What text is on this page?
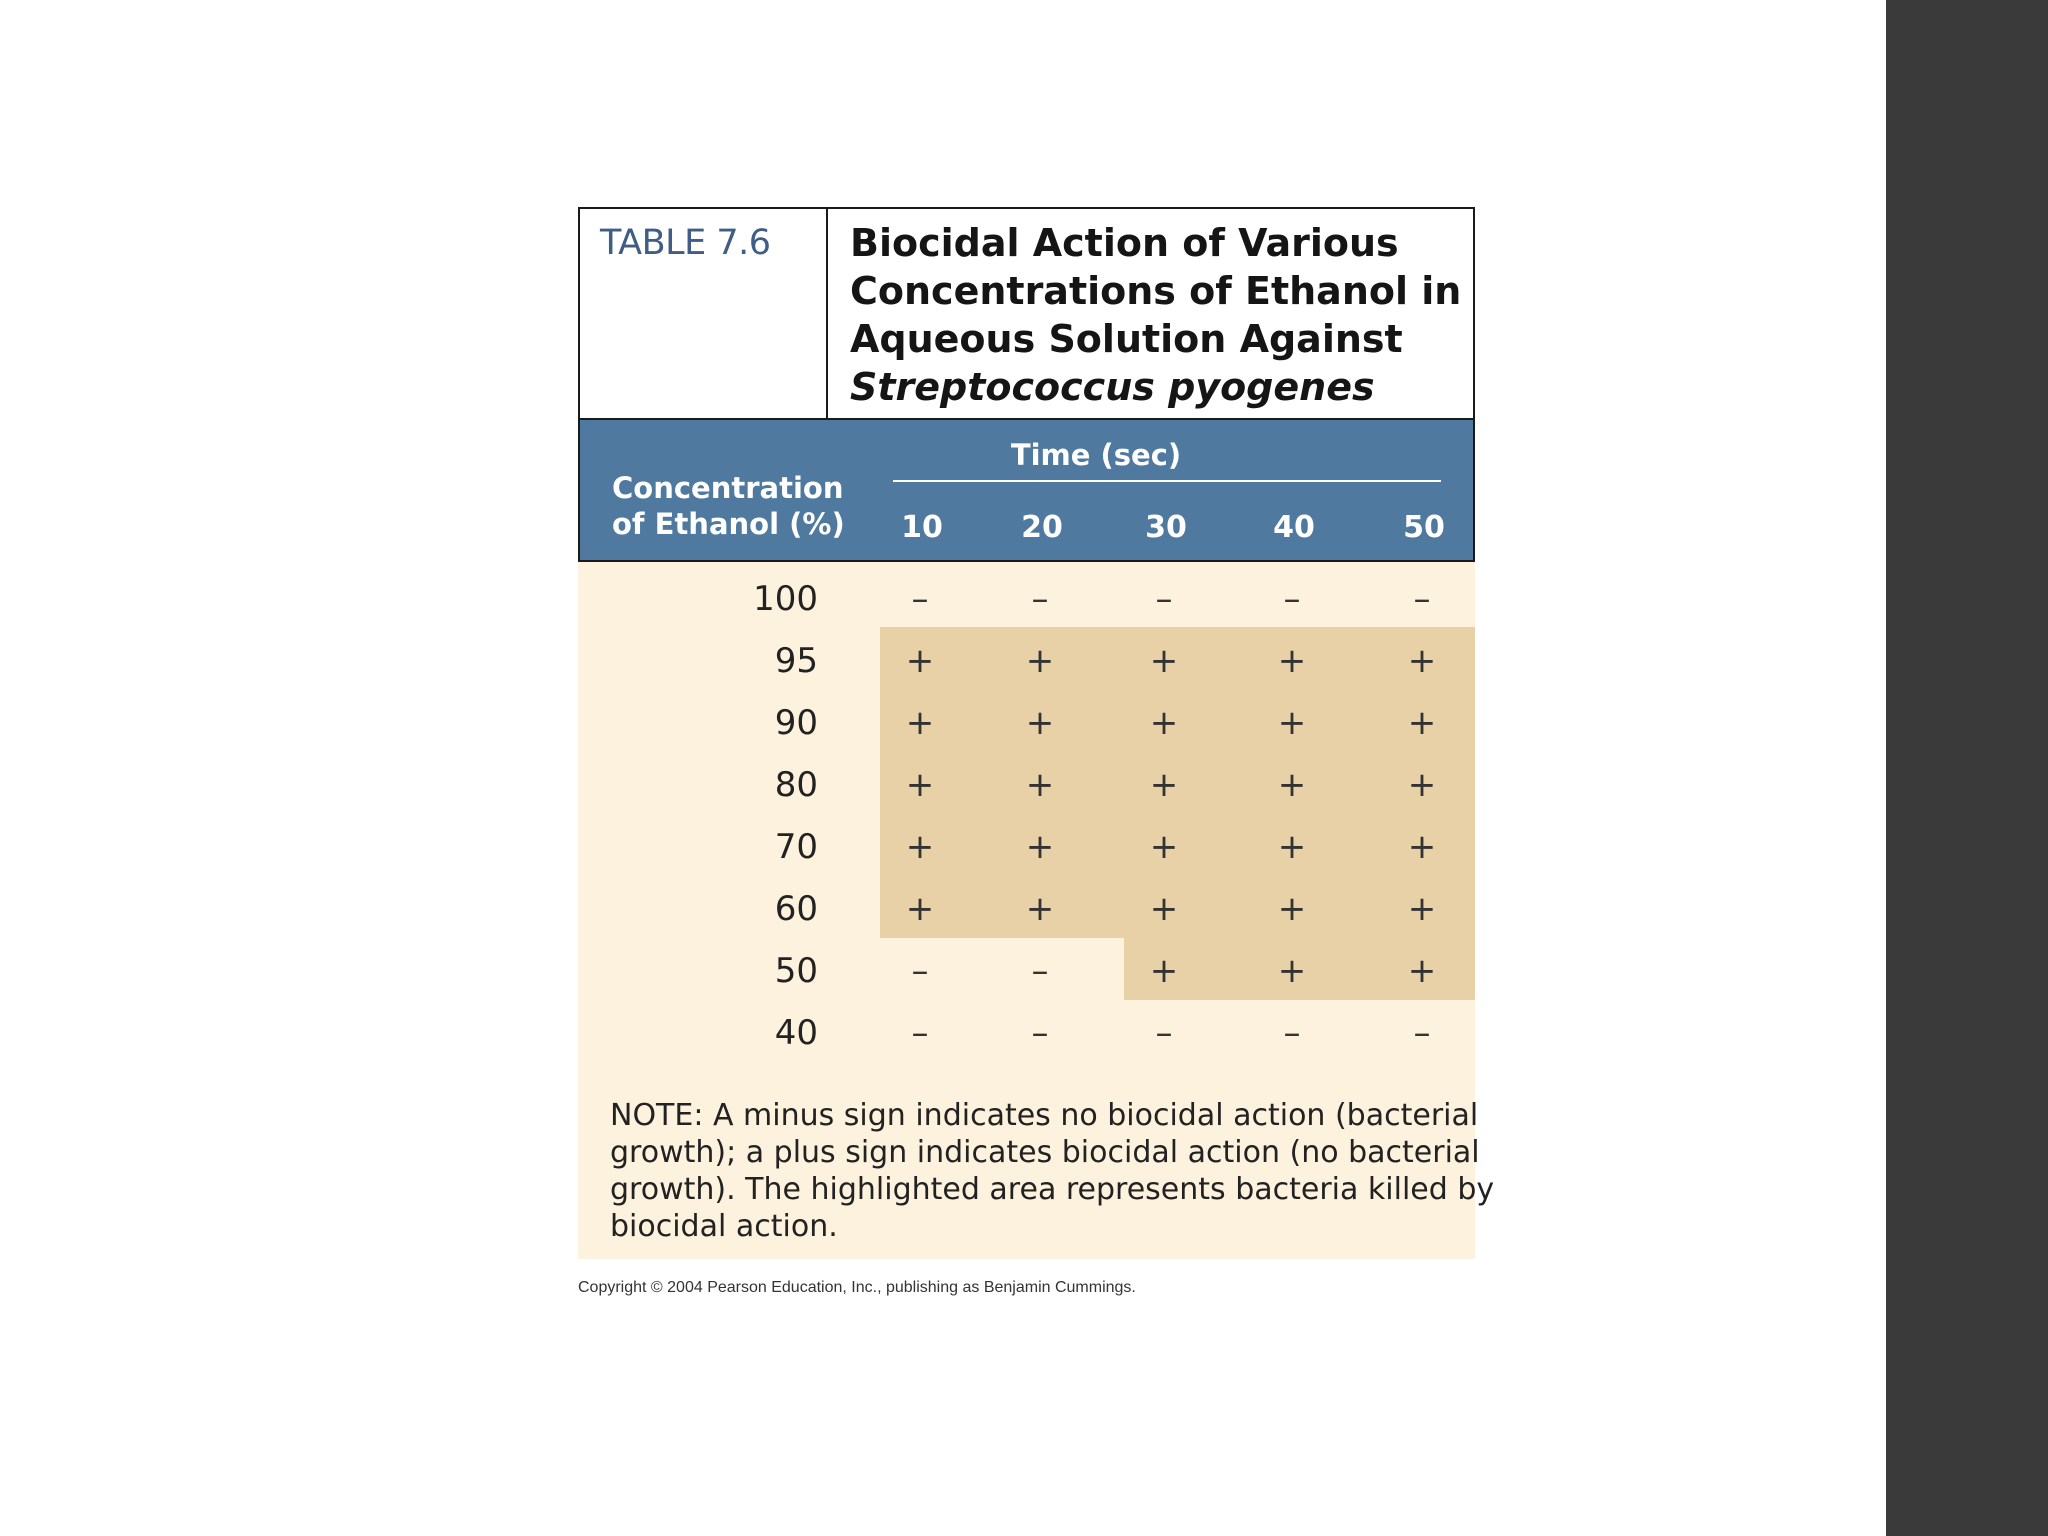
TABLE 7.6	Biocidal Action of Various
Concentrations of Ethanol in
Aqueous Solution Against
Streptococcus pyogenes
Concentration
of Ethanol (%)
Time (sec)
10	20	30	40	50
100	–	–	–	–	–
95	+	+	+	+	+
90	+	+	+	+	+
80	+	+	+	+	+
70	+	+	+	+	+
60	+	+	+	+	+
50	–	–	+	+	+
40	–	–	–	–	–
NOTE: A minus sign indicates no biocidal action (bacterial
growth); a plus sign indicates biocidal action (no bacterial
growth). The highlighted area represents bacteria killed by
biocidal action.
Copyright © 2004 Pearson Education, Inc., publishing as Benjamin Cummings.
